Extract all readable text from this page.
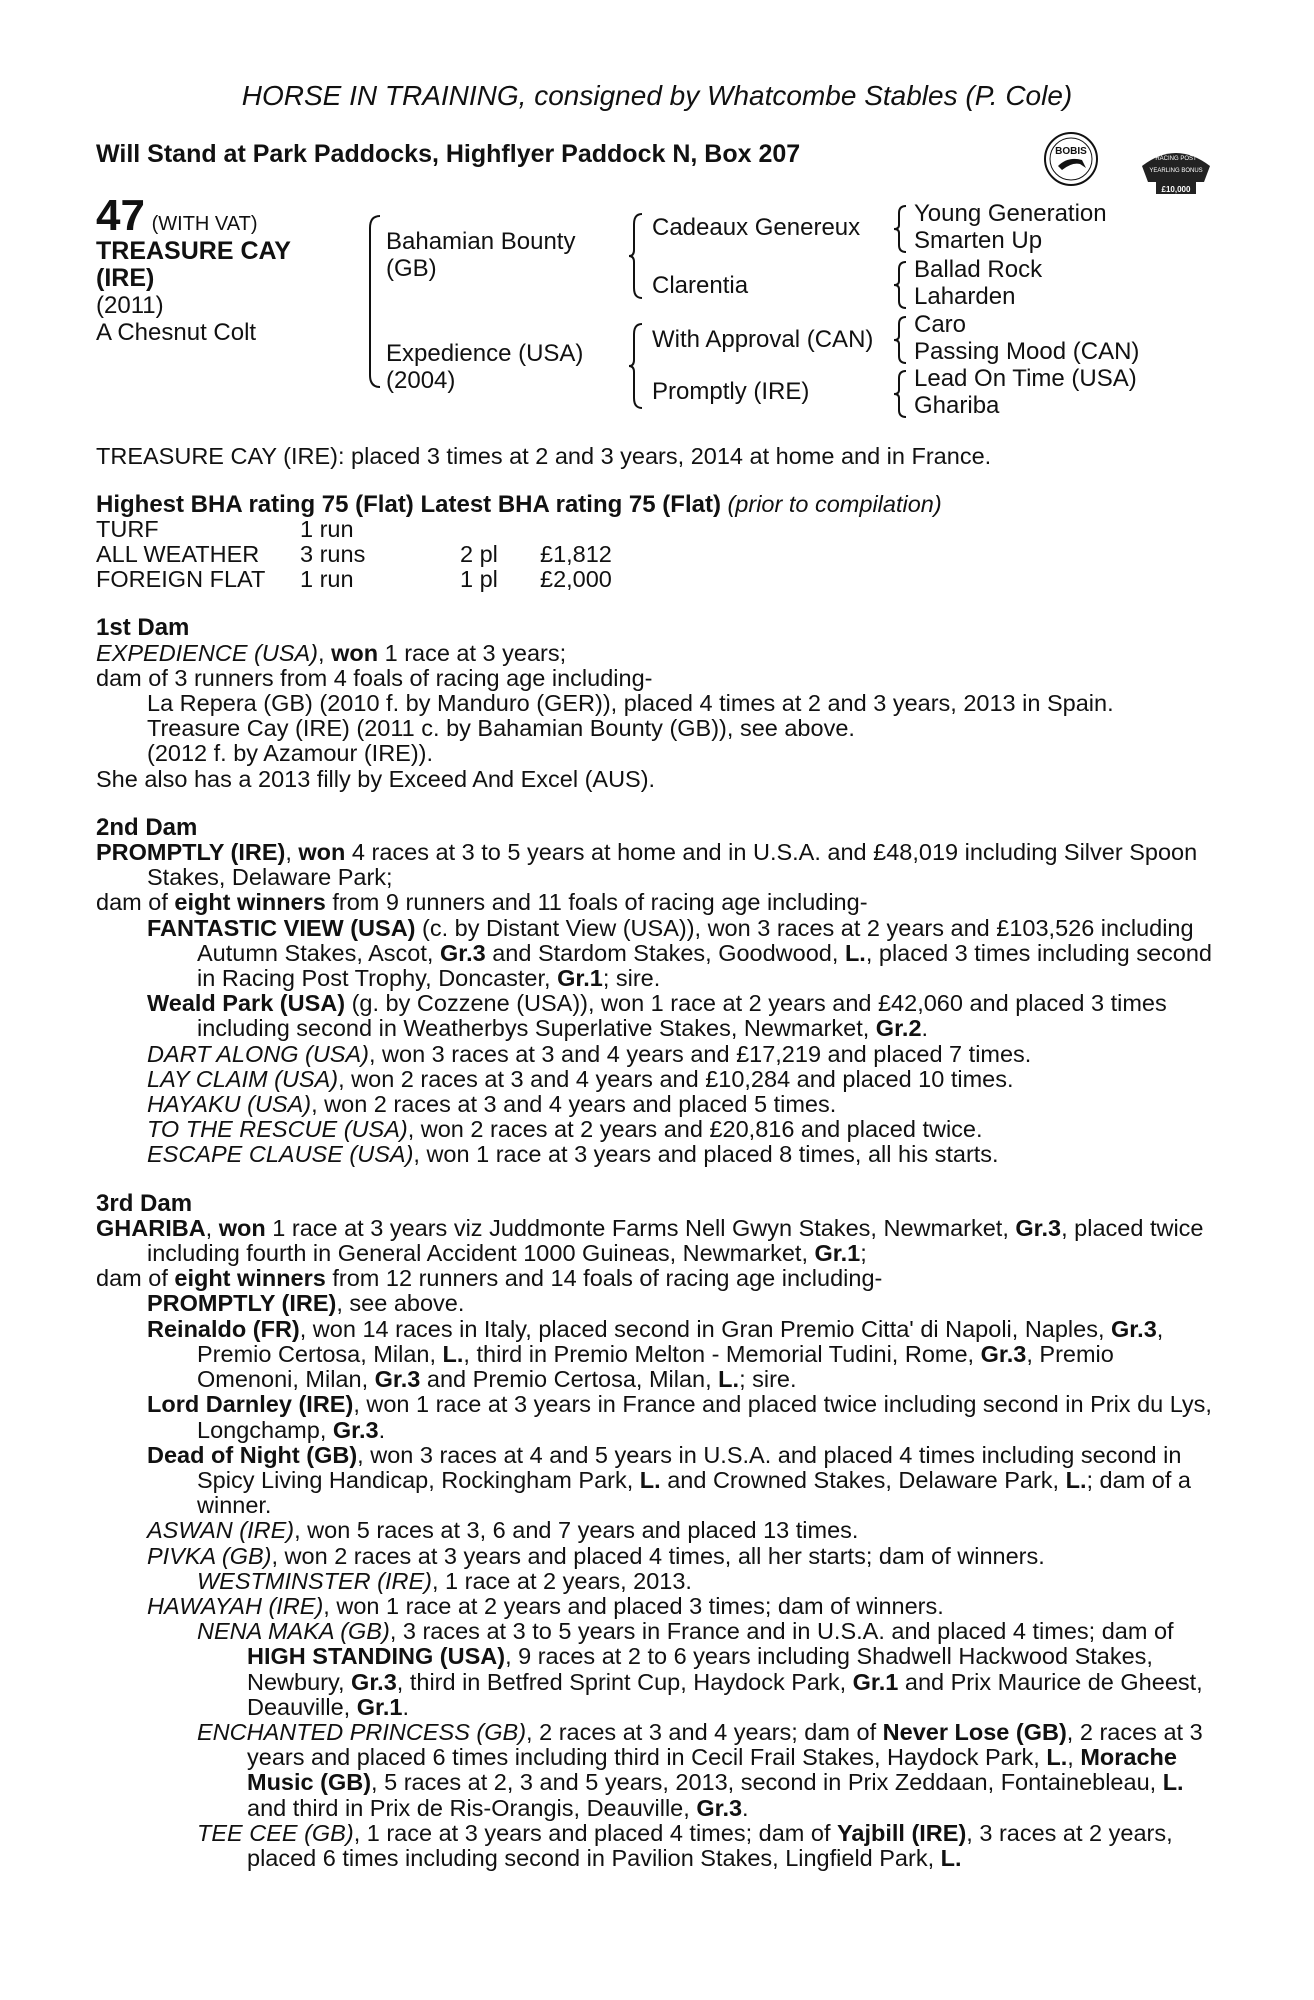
HORSE IN TRAINING, consigned by Whatcombe Stables (P. Cole)
Will Stand at Park Paddocks, Highflyer Paddock N, Box 207	BOBIS
RACING POST
YEARLING BONUS
£10,000
47 (WITH VAT)
TREASURE CAY
(IRE)
(2011)
A Chesnut Colt
Bahamian Bounty
(GB)
Expedience (USA)
(2004)
Cadeaux Genereux
Clarentia
With Approval (CAN)
Promptly (IRE)
Young Generation
Smarten Up
Ballad Rock
Laharden
Caro
Passing Mood (CAN)
Lead On Time (USA)
Ghariba
TREASURE CAY (IRE): placed 3 times at 2 and 3 years, 2014 at home and in France.
Highest BHA rating 75 (Flat) Latest BHA rating 75 (Flat) (prior to compilation)
TURF	1 run		
ALL WEATHER	3 runs	2 pl	£1,812
FOREIGN FLAT	1 run	1 pl	£2,000
1st Dam
EXPEDIENCE (USA), won 1 race at 3 years;
dam of 3 runners from 4 foals of racing age including-
La Repera (GB) (2010 f. by Manduro (GER)), placed 4 times at 2 and 3 years, 2013 in Spain.
Treasure Cay (IRE) (2011 c. by Bahamian Bounty (GB)), see above.
(2012 f. by Azamour (IRE)).
She also has a 2013 filly by Exceed And Excel (AUS).
2nd Dam
PROMPTLY (IRE), won 4 races at 3 to 5 years at home and in U.S.A. and £48,019 including Silver Spoon Stakes, Delaware Park;
dam of eight winners from 9 runners and 11 foals of racing age including-
FANTASTIC VIEW (USA) (c. by Distant View (USA)), won 3 races at 2 years and £103,526 including Autumn Stakes, Ascot, Gr.3 and Stardom Stakes, Goodwood, L., placed 3 times including second in Racing Post Trophy, Doncaster, Gr.1; sire.
Weald Park (USA) (g. by Cozzene (USA)), won 1 race at 2 years and £42,060 and placed 3 times including second in Weatherbys Superlative Stakes, Newmarket, Gr.2.
DART ALONG (USA), won 3 races at 3 and 4 years and £17,219 and placed 7 times.
LAY CLAIM (USA), won 2 races at 3 and 4 years and £10,284 and placed 10 times.
HAYAKU (USA), won 2 races at 3 and 4 years and placed 5 times.
TO THE RESCUE (USA), won 2 races at 2 years and £20,816 and placed twice.
ESCAPE CLAUSE (USA), won 1 race at 3 years and placed 8 times, all his starts.
3rd Dam
GHARIBA, won 1 race at 3 years viz Juddmonte Farms Nell Gwyn Stakes, Newmarket, Gr.3, placed twice including fourth in General Accident 1000 Guineas, Newmarket, Gr.1;
dam of eight winners from 12 runners and 14 foals of racing age including-
PROMPTLY (IRE), see above.
Reinaldo (FR), won 14 races in Italy, placed second in Gran Premio Citta' di Napoli, Naples, Gr.3, Premio Certosa, Milan, L., third in Premio Melton - Memorial Tudini, Rome, Gr.3, Premio Omenoni, Milan, Gr.3 and Premio Certosa, Milan, L.; sire.
Lord Darnley (IRE), won 1 race at 3 years in France and placed twice including second in Prix du Lys, Longchamp, Gr.3.
Dead of Night (GB), won 3 races at 4 and 5 years in U.S.A. and placed 4 times including second in Spicy Living Handicap, Rockingham Park, L. and Crowned Stakes, Delaware Park, L.; dam of a winner.
ASWAN (IRE), won 5 races at 3, 6 and 7 years and placed 13 times.
PIVKA (GB), won 2 races at 3 years and placed 4 times, all her starts; dam of winners.
WESTMINSTER (IRE), 1 race at 2 years, 2013.
HAWAYAH (IRE), won 1 race at 2 years and placed 3 times; dam of winners.
NENA MAKA (GB), 3 races at 3 to 5 years in France and in U.S.A. and placed 4 times; dam of HIGH STANDING (USA), 9 races at 2 to 6 years including Shadwell Hackwood Stakes, Newbury, Gr.3, third in Betfred Sprint Cup, Haydock Park, Gr.1 and Prix Maurice de Gheest, Deauville, Gr.1.
ENCHANTED PRINCESS (GB), 2 races at 3 and 4 years; dam of Never Lose (GB), 2 races at 3 years and placed 6 times including third in Cecil Frail Stakes, Haydock Park, L., Morache Music (GB), 5 races at 2, 3 and 5 years, 2013, second in Prix Zeddaan, Fontainebleau, L. and third in Prix de Ris-Orangis, Deauville, Gr.3.
TEE CEE (GB), 1 race at 3 years and placed 4 times; dam of Yajbill (IRE), 3 races at 2 years, placed 6 times including second in Pavilion Stakes, Lingfield Park, L.
